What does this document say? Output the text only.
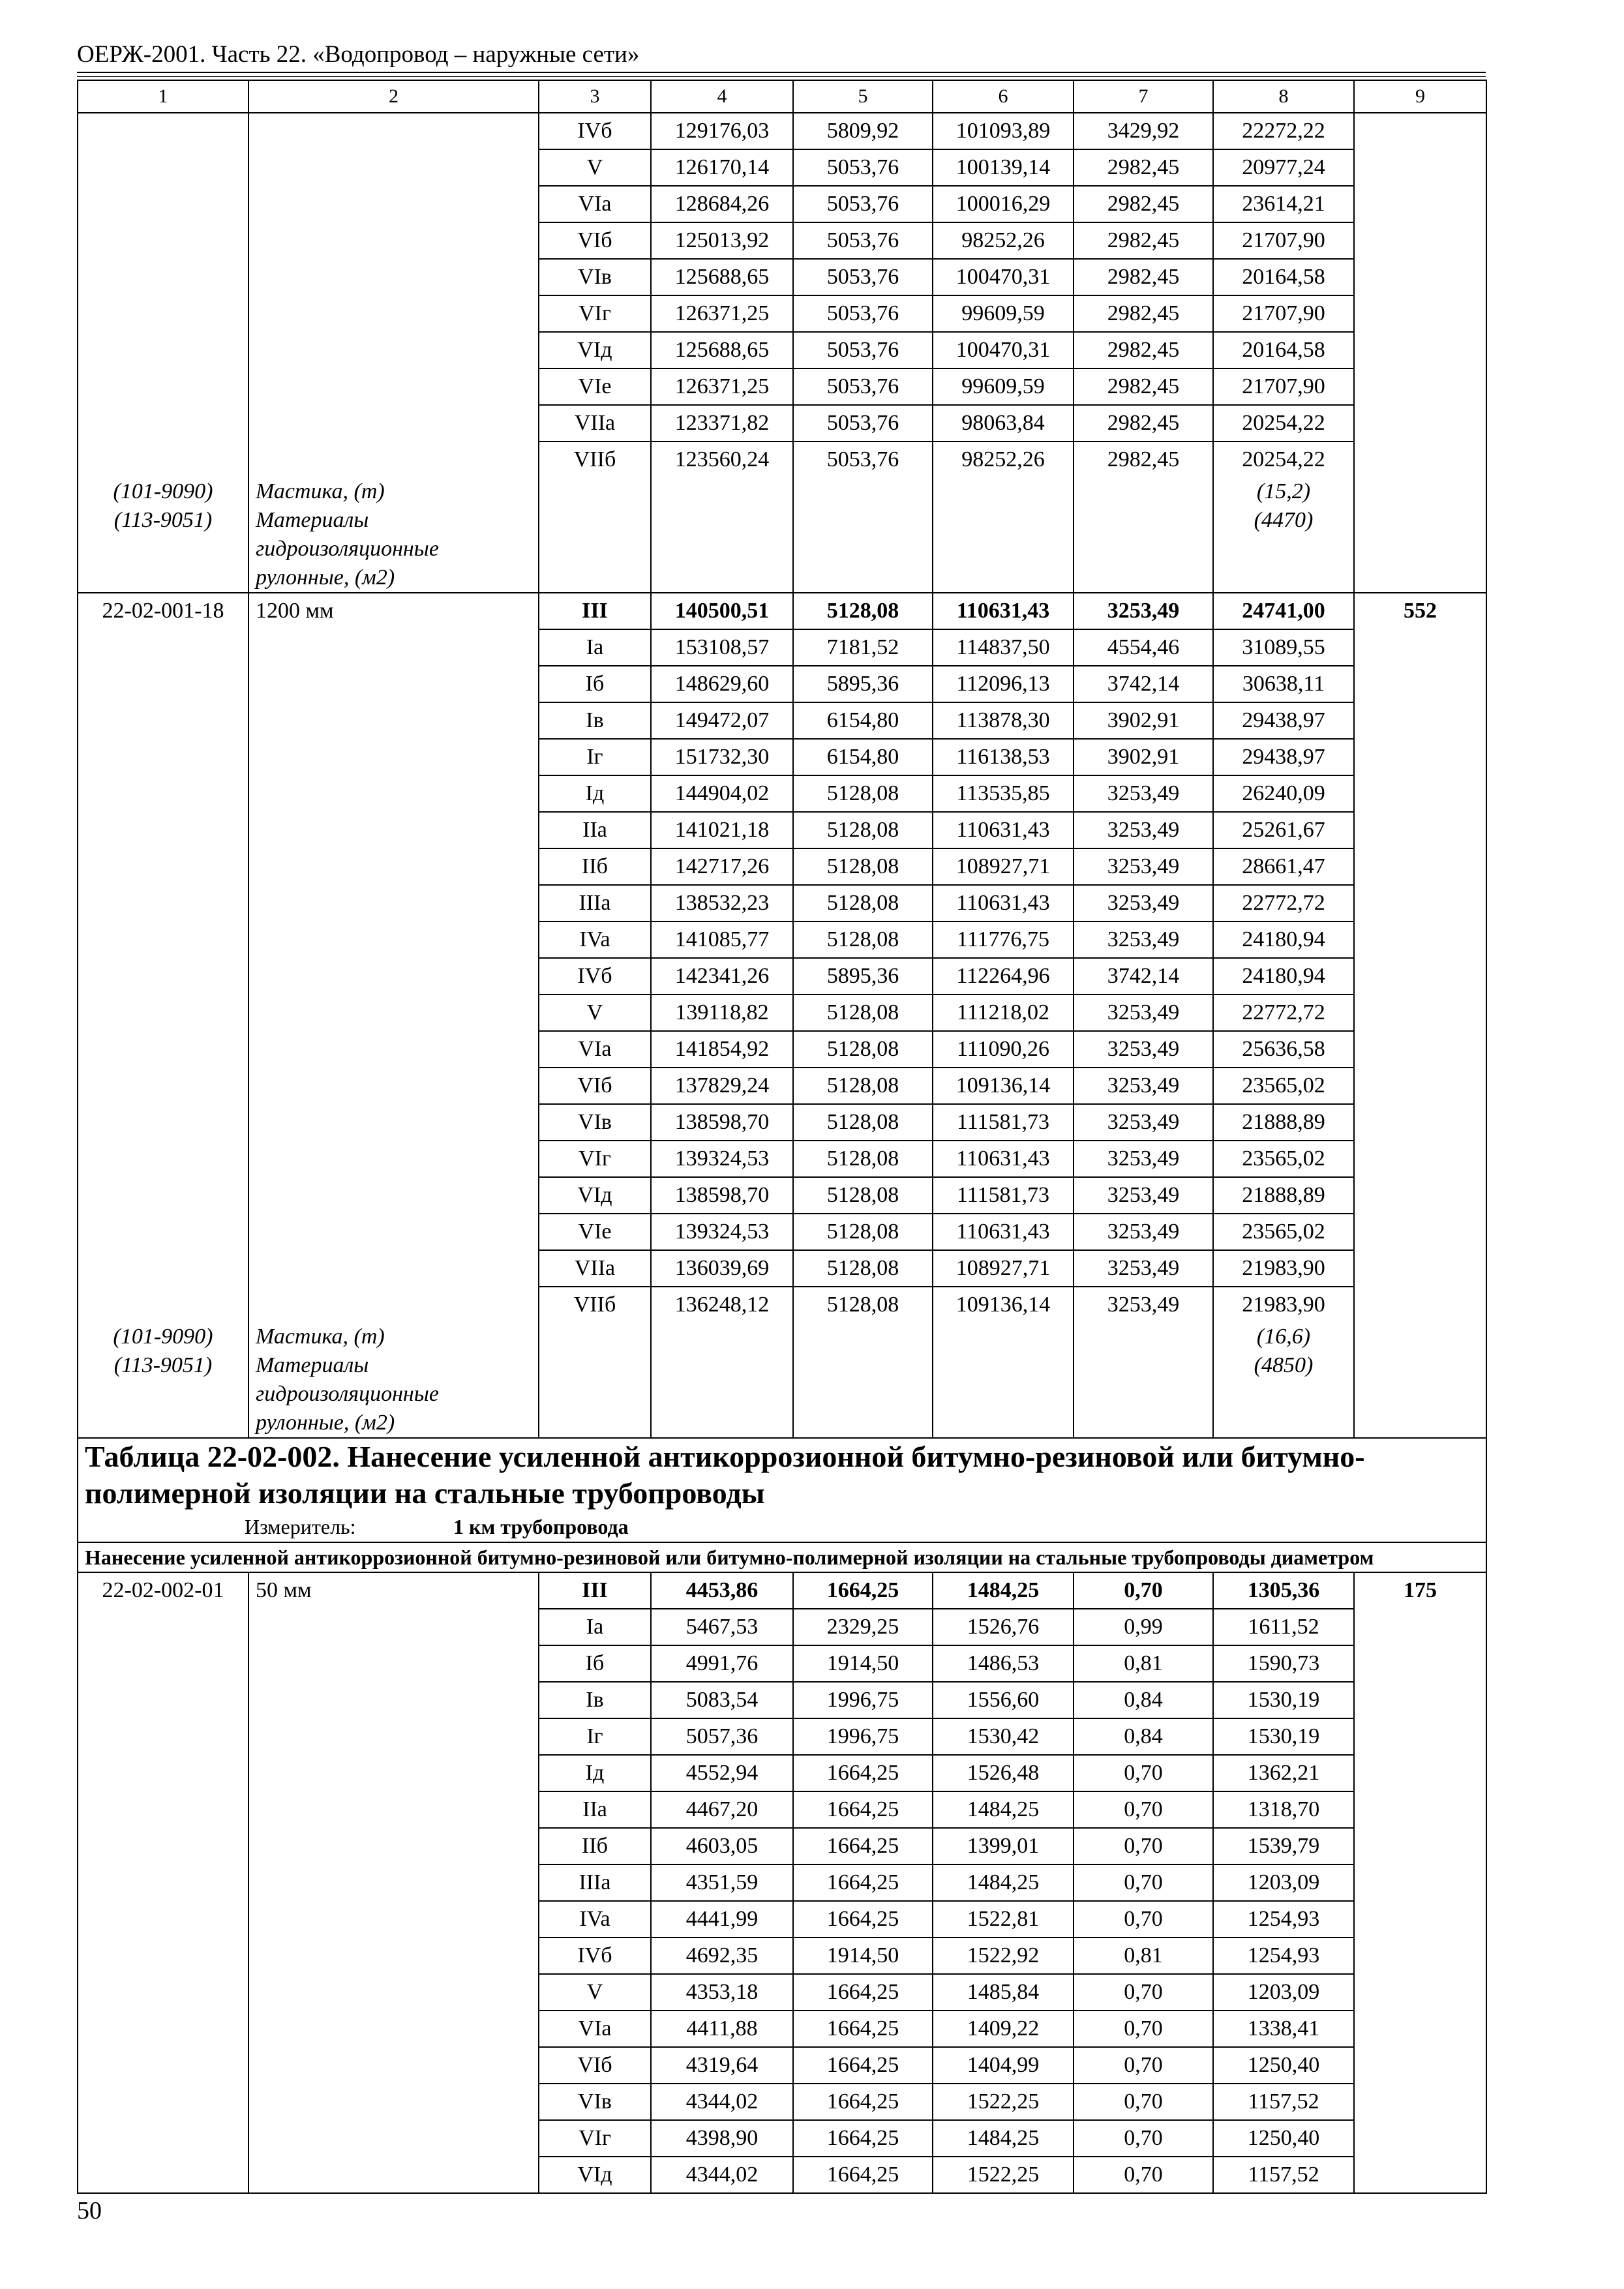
ОЕРЖ-2001. Часть 22. «Водопровод – наружные сети»
1	2	3	4	5	6	7	8	9
		IVб	129176,03	5809,92	101093,89	3429,92	22272,22	
		V	126170,14	5053,76	100139,14	2982,45	20977,24	
		VIa	128684,26	5053,76	100016,29	2982,45	23614,21	
		VIб	125013,92	5053,76	98252,26	2982,45	21707,90	
		VIв	125688,65	5053,76	100470,31	2982,45	20164,58	
		VIг	126371,25	5053,76	99609,59	2982,45	21707,90	
		VIд	125688,65	5053,76	100470,31	2982,45	20164,58	
		VIе	126371,25	5053,76	99609,59	2982,45	21707,90	
		VIIa	123371,82	5053,76	98063,84	2982,45	20254,22	
		VIIб	123560,24	5053,76	98252,26	2982,45	20254,22	
(101-9090)	Мастика, (т)						(15,2)	
(113-9051)	Материалы гидроизоляционные рулонные, (м2)						(4470)	
22-02-001-18	1200 мм	III	140500,51	5128,08	110631,43	3253,49	24741,00	552
		Ia	153108,57	7181,52	114837,50	4554,46	31089,55	
		Iб	148629,60	5895,36	112096,13	3742,14	30638,11	
		Iв	149472,07	6154,80	113878,30	3902,91	29438,97	
		Iг	151732,30	6154,80	116138,53	3902,91	29438,97	
		Iд	144904,02	5128,08	113535,85	3253,49	26240,09	
		IIa	141021,18	5128,08	110631,43	3253,49	25261,67	
		IIб	142717,26	5128,08	108927,71	3253,49	28661,47	
		IIIa	138532,23	5128,08	110631,43	3253,49	22772,72	
		IVa	141085,77	5128,08	111776,75	3253,49	24180,94	
		IVб	142341,26	5895,36	112264,96	3742,14	24180,94	
		V	139118,82	5128,08	111218,02	3253,49	22772,72	
		VIa	141854,92	5128,08	111090,26	3253,49	25636,58	
		VIб	137829,24	5128,08	109136,14	3253,49	23565,02	
		VIв	138598,70	5128,08	111581,73	3253,49	21888,89	
		VIг	139324,53	5128,08	110631,43	3253,49	23565,02	
		VIд	138598,70	5128,08	111581,73	3253,49	21888,89	
		VIе	139324,53	5128,08	110631,43	3253,49	23565,02	
		VIIa	136039,69	5128,08	108927,71	3253,49	21983,90	
		VIIб	136248,12	5128,08	109136,14	3253,49	21983,90	
(101-9090)	Мастика, (т)						(16,6)	
(113-9051)	Материалы гидроизоляционные рулонные, (м2)						(4850)	

Таблица 22-02-002. Нанесение усиленной антикоррозионной битумно-резиновой или битумно-полимерной изоляции на стальные трубопроводы
Измеритель: 1 км трубопровода								

Нанесение усиленной антикоррозионной битумно-резиновой или битумно-полимерной изоляции на стальные трубопроводы диаметром								
22-02-002-01	50 мм	III	4453,86	1664,25	1484,25	0,70	1305,36	175
		Ia	5467,53	2329,25	1526,76	0,99	1611,52	
		Iб	4991,76	1914,50	1486,53	0,81	1590,73	
		Iв	5083,54	1996,75	1556,60	0,84	1530,19	
		Iг	5057,36	1996,75	1530,42	0,84	1530,19	
		Iд	4552,94	1664,25	1526,48	0,70	1362,21	
		IIa	4467,20	1664,25	1484,25	0,70	1318,70	
		IIб	4603,05	1664,25	1399,01	0,70	1539,79	
		IIIa	4351,59	1664,25	1484,25	0,70	1203,09	
		IVa	4441,99	1664,25	1522,81	0,70	1254,93	
		IVб	4692,35	1914,50	1522,92	0,81	1254,93	
		V	4353,18	1664,25	1485,84	0,70	1203,09	
		VIa	4411,88	1664,25	1409,22	0,70	1338,41	
		VIб	4319,64	1664,25	1404,99	0,70	1250,40	
		VIв	4344,02	1664,25	1522,25	0,70	1157,52	
		VIг	4398,90	1664,25	1484,25	0,70	1250,40	
		VIд	4344,02	1664,25	1522,25	0,70	1157,52	
50
